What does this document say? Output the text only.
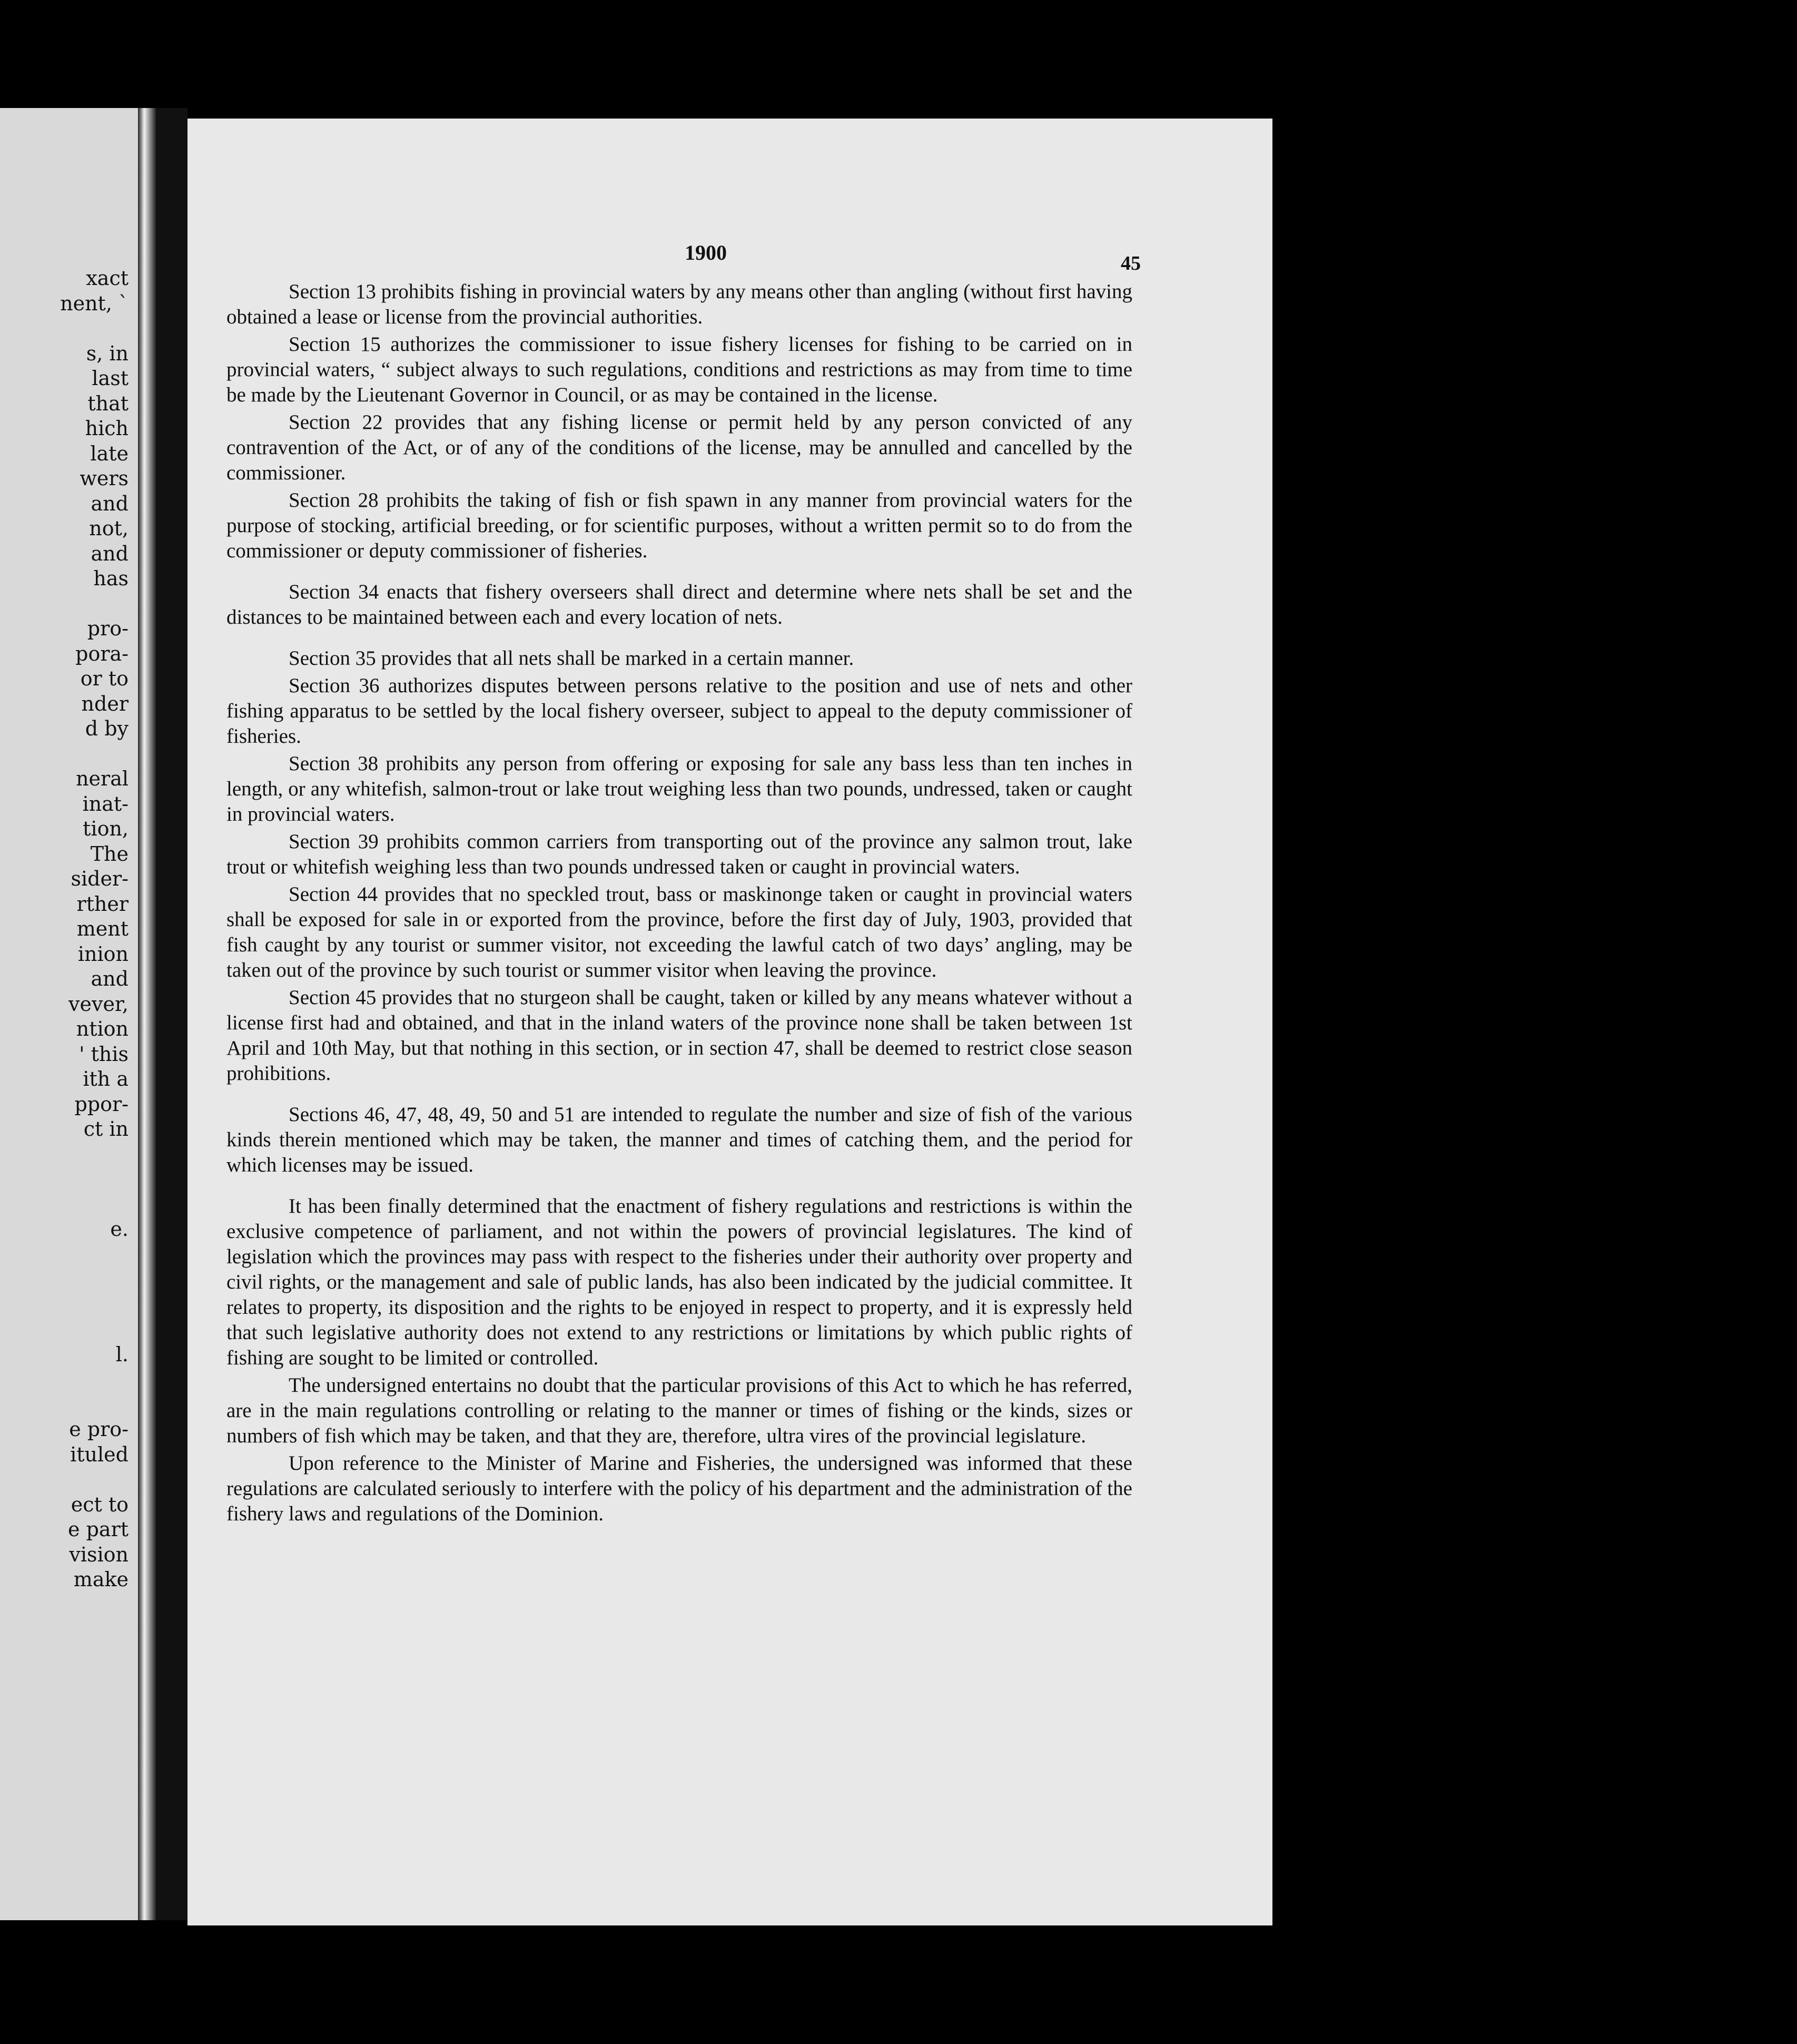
xact
nent, `
s, in
last
that
hich
late
wers
and
not,
and
has
pro-
pora-
or to
nder
d by
neral
inat-
tion,
The
sider-
rther
ment
inion
and
vever,
ntion
' this
ith a
ppor-
ct in
e.
l.
e pro-
ituled
ect to
e part
vision
make
1900	45

Section 13 prohibits fishing in provincial waters by any means other than angling (without first having obtained a lease or license from the provincial authorities.

Section 15 authorizes the commissioner to issue fishery licenses for fishing to be carried on in provincial waters, “ subject always to such regulations, conditions and restrictions as may from time to time be made by the Lieutenant Governor in Council, or as may be contained in the license.

Section 22 provides that any fishing license or permit held by any person convicted of any contravention of the Act, or of any of the conditions of the license, may be annulled and cancelled by the commissioner.

Section 28 prohibits the taking of fish or fish spawn in any manner from provincial waters for the purpose of stocking, artificial breeding, or for scientific purposes, without a written permit so to do from the commissioner or deputy commissioner of fisheries.

Section 34 enacts that fishery overseers shall direct and determine where nets shall be set and the distances to be maintained between each and every location of nets.

Section 35 provides that all nets shall be marked in a certain manner.

Section 36 authorizes disputes between persons relative to the position and use of nets and other fishing apparatus to be settled by the local fishery overseer, subject to appeal to the deputy commissioner of fisheries.

Section 38 prohibits any person from offering or exposing for sale any bass less than ten inches in length, or any whitefish, salmon-trout or lake trout weighing less than two pounds, undressed, taken or caught in provincial waters.

Section 39 prohibits common carriers from transporting out of the province any salmon trout, lake trout or whitefish weighing less than two pounds undressed taken or caught in provincial waters.

Section 44 provides that no speckled trout, bass or maskinonge taken or caught in provincial waters shall be exposed for sale in or exported from the province, before the first day of July, 1903, provided that fish caught by any tourist or summer visitor, not exceeding the lawful catch of two days’ angling, may be taken out of the province by such tourist or summer visitor when leaving the province.

Section 45 provides that no sturgeon shall be caught, taken or killed by any means whatever without a license first had and obtained, and that in the inland waters of the province none shall be taken between 1st April and 10th May, but that nothing in this section, or in section 47, shall be deemed to restrict close season prohibitions.

Sections 46, 47, 48, 49, 50 and 51 are intended to regulate the number and size of fish of the various kinds therein mentioned which may be taken, the manner and times of catching them, and the period for which licenses may be issued.

It has been finally determined that the enactment of fishery regulations and restrictions is within the exclusive competence of parliament, and not within the powers of provincial legislatures. The kind of legislation which the provinces may pass with respect to the fisheries under their authority over property and civil rights, or the management and sale of public lands, has also been indicated by the judicial committee. It relates to property, its disposition and the rights to be enjoyed in respect to property, and it is expressly held that such legislative authority does not extend to any restrictions or limitations by which public rights of fishing are sought to be limited or controlled.

The undersigned entertains no doubt that the particular provisions of this Act to which he has referred, are in the main regulations controlling or relating to the manner or times of fishing or the kinds, sizes or numbers of fish which may be taken, and that they are, therefore, ultra vires of the provincial legislature.

Upon reference to the Minister of Marine and Fisheries, the undersigned was informed that these regulations are calculated seriously to interfere with the policy of his department and the administration of the fishery laws and regulations of the Dominion.
